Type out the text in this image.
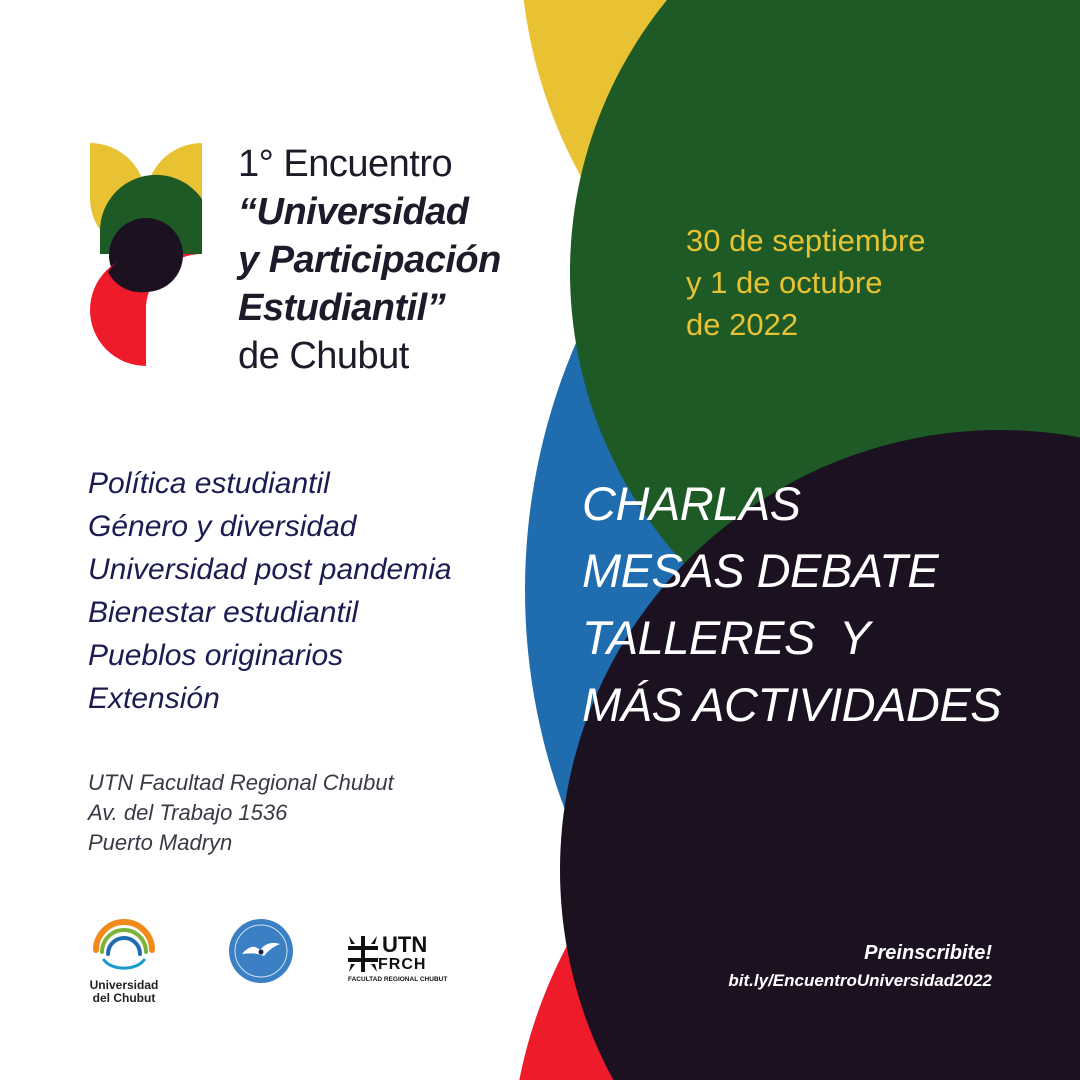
1° Encuentro
“Universidad
y Participación
Estudiantil”
de Chubut
30 de septiembre
y 1 de octubre
de 2022
Política estudiantil
Género y diversidad
Universidad post pandemia
Bienestar estudiantil
Pueblos originarios
Extensión
CHARLAS
MESAS DEBATE
TALLERES  Y
MÁS ACTIVIDADES
UTN Facultad Regional Chubut
Av. del Trabajo 1536
Puerto Madryn
Preinscribite!
bit.ly/EncuentroUniversidad2022
Universidad
del Chubut
UTN
FRCH
FACULTAD REGIONAL CHUBUT
